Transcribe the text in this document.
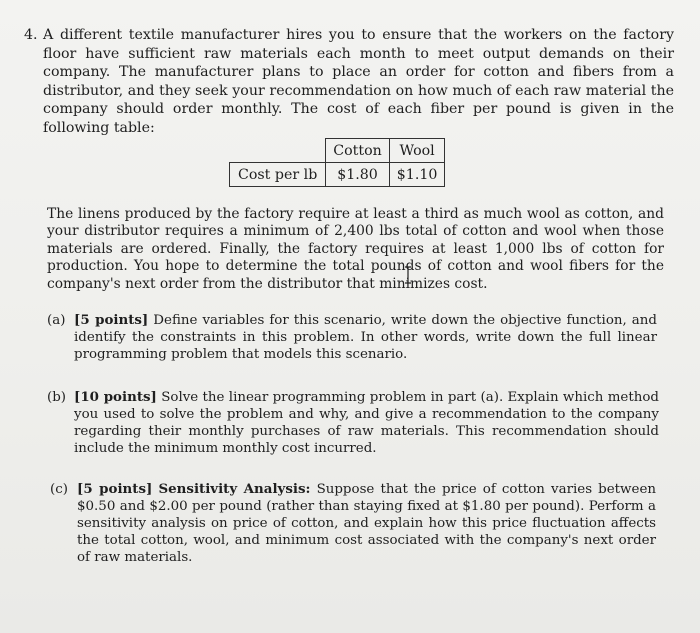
4. A different textile manufacturer hires you to ensure that the workers on the factory floor have sufficient raw materials each month to meet output demands on their company. The manufacturer plans to place an order for cotton and fibers from a distributor, and they seek your recommendation on how much of each raw material the company should order monthly. The cost of each fiber per pound is given in the following table:
	Cotton	Wool
Cost per lb	$1.80	$1.10
The linens produced by the factory require at least a third as much wool as cotton, and your distributor requires a minimum of 2,400 lbs total of cotton and wool when those materials are ordered. Finally, the factory requires at least 1,000 lbs of cotton for production. You hope to determine the total pounds of cotton and wool fibers for the company's next order from the distributor that minimizes cost.
(a) [5 points] Define variables for this scenario, write down the objective function, and identify the constraints in this problem. In other words, write down the full linear programming problem that models this scenario.
(b) [10 points] Solve the linear programming problem in part (a). Explain which method you used to solve the problem and why, and give a recommendation to the company regarding their monthly purchases of raw materials. This recommendation should include the minimum monthly cost incurred.
(c) [5 points] Sensitivity Analysis: Suppose that the price of cotton varies between $0.50 and $2.00 per pound (rather than staying fixed at $1.80 per pound). Perform a sensitivity analysis on price of cotton, and explain how this price fluctuation affects the total cotton, wool, and minimum cost associated with the company's next order of raw materials.
